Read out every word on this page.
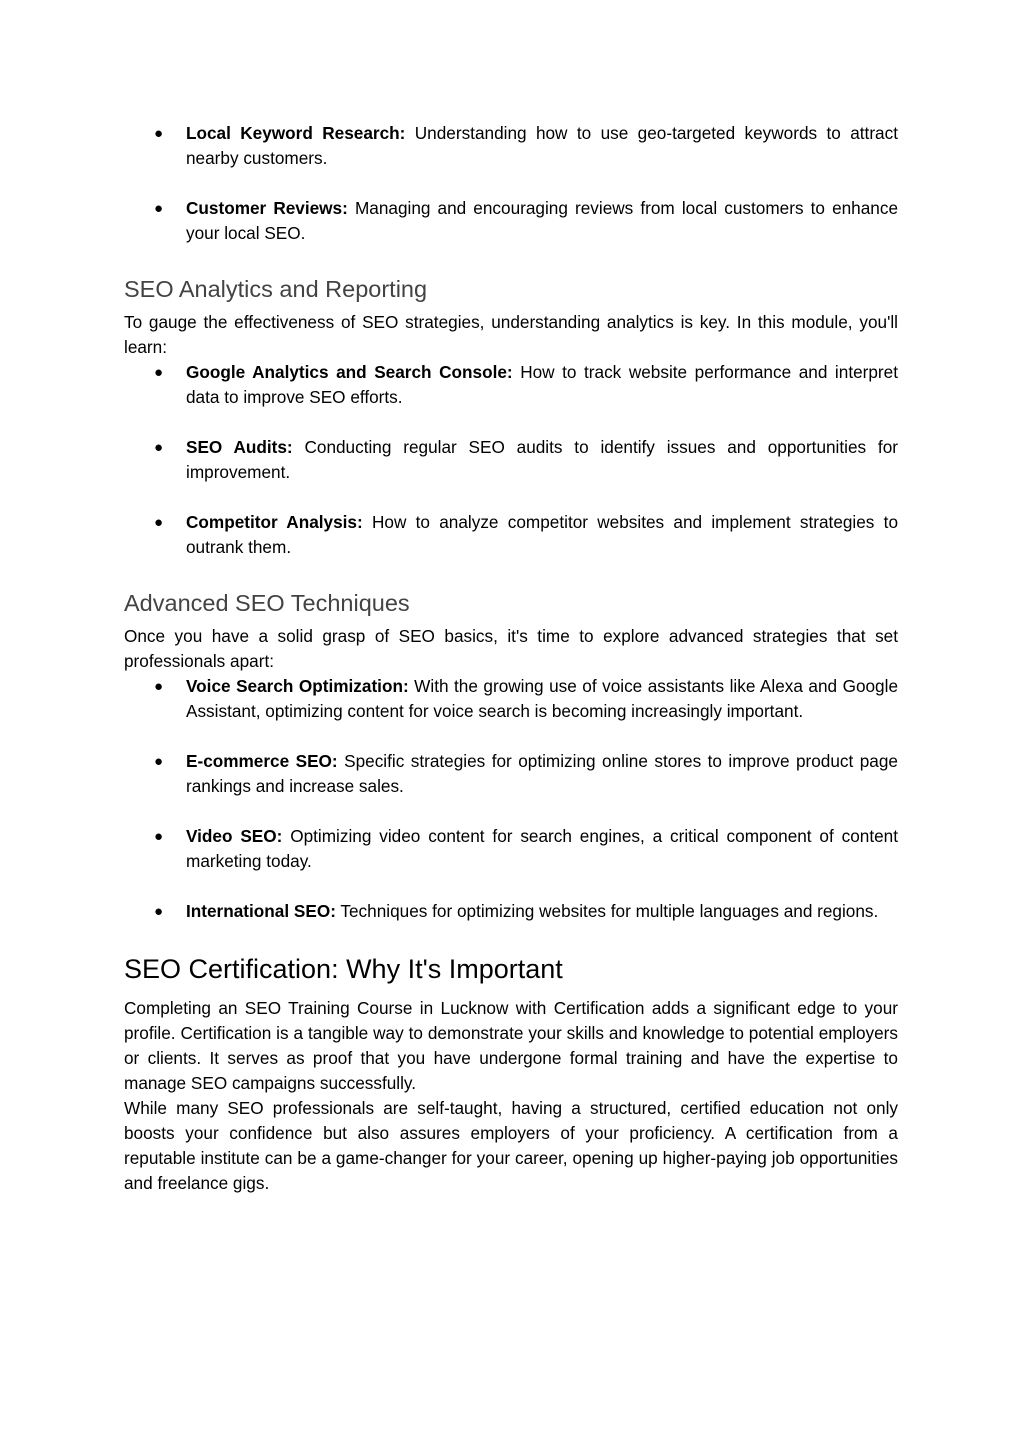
● Local Keyword Research: Understanding how to use geo-targeted keywords to attract nearby customers.
● Customer Reviews: Managing and encouraging reviews from local customers to enhance your local SEO.
SEO Analytics and Reporting

To gauge the effectiveness of SEO strategies, understanding analytics is key. In this module, you'll learn:

● Google Analytics and Search Console: How to track website performance and interpret data to improve SEO efforts.
● SEO Audits: Conducting regular SEO audits to identify issues and opportunities for improvement.
● Competitor Analysis: How to analyze competitor websites and implement strategies to outrank them.
Advanced SEO Techniques

Once you have a solid grasp of SEO basics, it's time to explore advanced strategies that set professionals apart:

● Voice Search Optimization: With the growing use of voice assistants like Alexa and Google Assistant, optimizing content for voice search is becoming increasingly important.
● E-commerce SEO: Specific strategies for optimizing online stores to improve product page rankings and increase sales.
● Video SEO: Optimizing video content for search engines, a critical component of content marketing today.
● International SEO: Techniques for optimizing websites for multiple languages and regions.
SEO Certification: Why It's Important

Completing an SEO Training Course in Lucknow with Certification adds a significant edge to your profile. Certification is a tangible way to demonstrate your skills and knowledge to potential employers or clients. It serves as proof that you have undergone formal training and have the expertise to manage SEO campaigns successfully.

While many SEO professionals are self-taught, having a structured, certified education not only boosts your confidence but also assures employers of your proficiency. A certification from a reputable institute can be a game-changer for your career, opening up higher-paying job opportunities and freelance gigs.
